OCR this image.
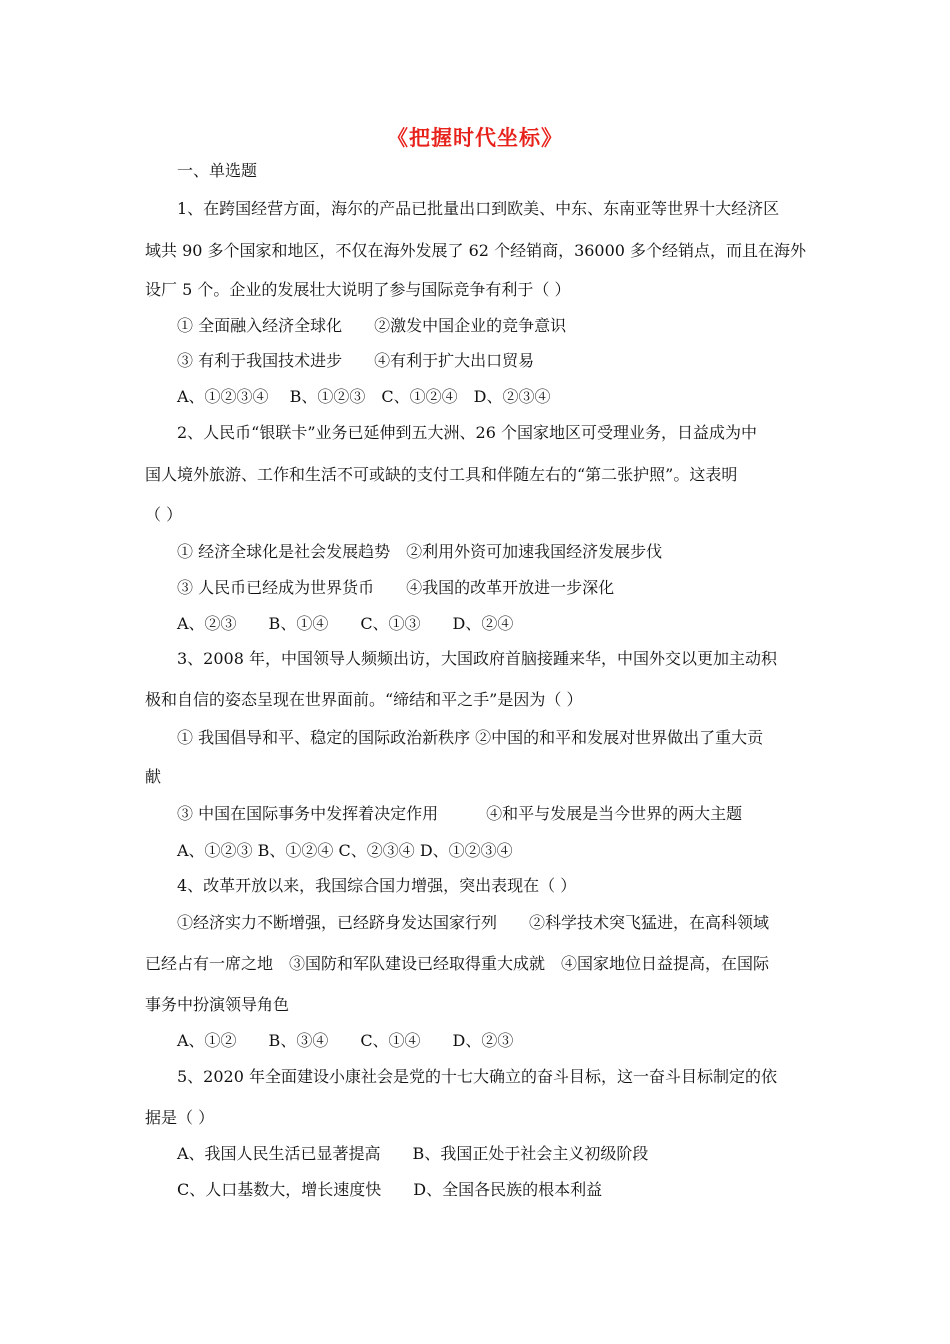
《把握时代坐标》
一、单选题
1、在跨国经营方面，海尔的产品已批量出口到欧美、中东、东南亚等世界十大经济区
域共 90 多个国家和地区，不仅在海外发展了 62 个经销商，36000 多个经销点，而且在海外
设厂 5 个。企业的发展壮大说明了参与国际竞争有利于（ ）
① 全面融入经济全球化　　②激发中国企业的竞争意识
③ 有利于我国技术进步　　④有利于扩大出口贸易
A、①②③④　 B、①②③　C、①②④　D、②③④
2、人民币“银联卡”业务已延伸到五大洲、26 个国家地区可受理业务，日益成为中
国人境外旅游、工作和生活不可或缺的支付工具和伴随左右的“第二张护照”。这表明
（ ）
① 经济全球化是社会发展趋势　②利用外资可加速我国经济发展步伐
③ 人民币已经成为世界货币　　④我国的改革开放进一步深化
A、②③　　B、①④　　C、①③　　D、②④
3、2008 年，中国领导人频频出访，大国政府首脑接踵来华，中国外交以更加主动积
极和自信的姿态呈现在世界面前。“缔结和平之手”是因为（ ）
① 我国倡导和平、稳定的国际政治新秩序 ②中国的和平和发展对世界做出了重大贡
献
③ 中国在国际事务中发挥着决定作用　　　④和平与发展是当今世界的两大主题
A、①②③ B、①②④ C、②③④ D、①②③④
4、改革开放以来，我国综合国力增强，突出表现在（ ）
①经济实力不断增强，已经跻身发达国家行列　　②科学技术突飞猛进，在高科领域
已经占有一席之地　③国防和军队建设已经取得重大成就　④国家地位日益提高，在国际
事务中扮演领导角色
A、①②　　B、③④　　C、①④　　D、②③
5、2020 年全面建设小康社会是党的十七大确立的奋斗目标，这一奋斗目标制定的依
据是（ ）
A、我国人民生活已显著提高　　B、我国正处于社会主义初级阶段
C、人口基数大，增长速度快　　D、全国各民族的根本利益
